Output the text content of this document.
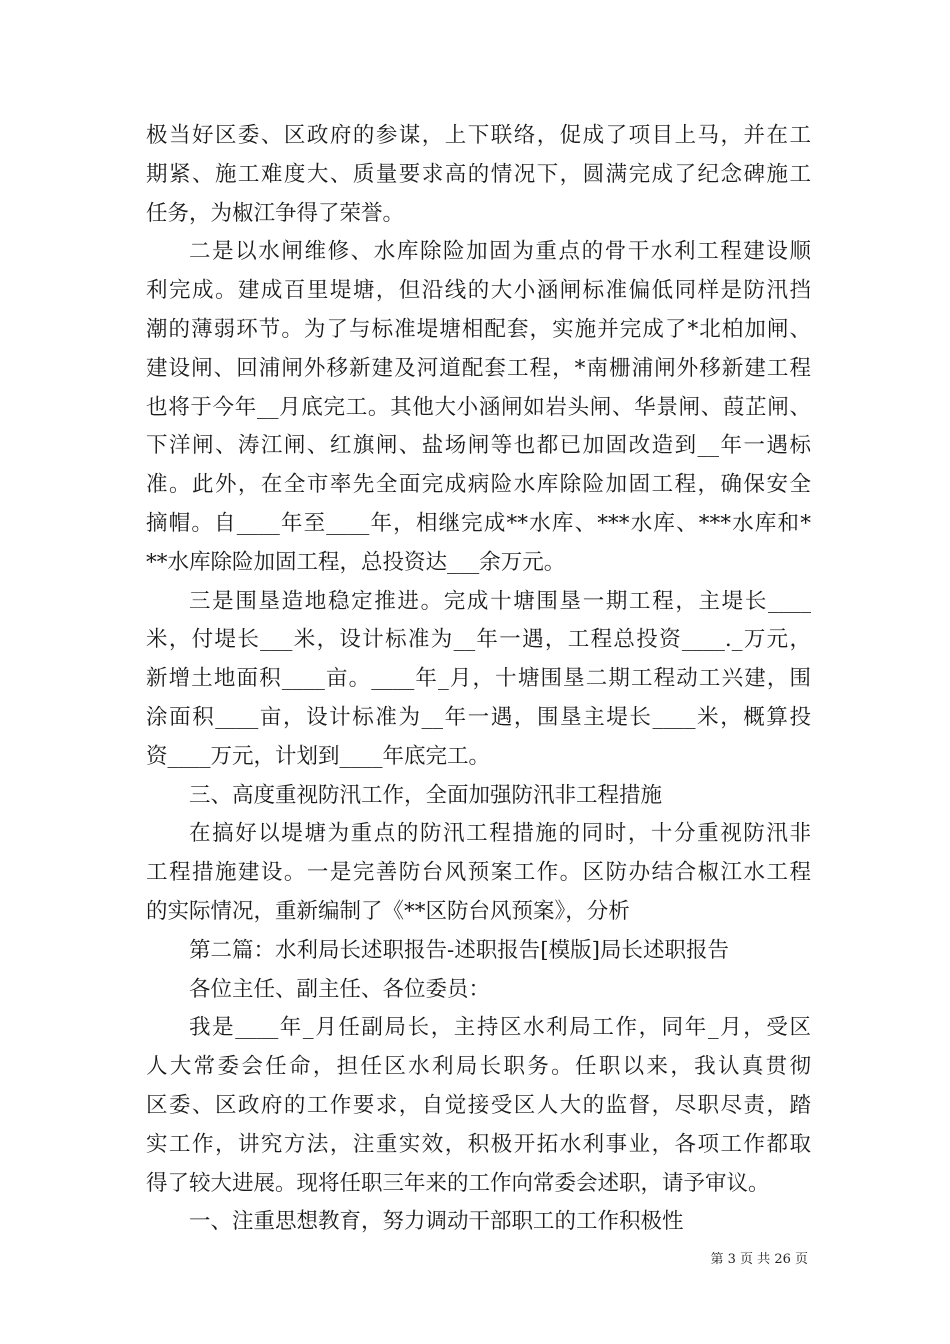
极当好区委、区政府的参谋，上下联络，促成了项目上马，并在工
期紧、施工难度大、质量要求高的情况下，圆满完成了纪念碑施工
任务，为椒江争得了荣誉。
二是以水闸维修、水库除险加固为重点的骨干水利工程建设顺
利完成。建成百里堤塘，但沿线的大小涵闸标准偏低同样是防汛挡
潮的薄弱环节。为了与标准堤塘相配套，实施并完成了*北柏加闸、
建设闸、回浦闸外移新建及河道配套工程，*南栅浦闸外移新建工程
也将于今年__月底完工。其他大小涵闸如岩头闸、华景闸、葭芷闸、
下洋闸、涛江闸、红旗闸、盐场闸等也都已加固改造到__年一遇标
准。此外，在全市率先全面完成病险水库除险加固工程，确保安全
摘帽。自____年至____年，相继完成**水库、***水库、***水库和*
**水库除险加固工程，总投资达___余万元。
三是围垦造地稳定推进。完成十塘围垦一期工程，主堤长____
米，付堤长___米，设计标准为__年一遇，工程总投资____._万元，
新增土地面积____亩。____年_月，十塘围垦二期工程动工兴建，围
涂面积____亩，设计标准为__年一遇，围垦主堤长____米，概算投
资____万元，计划到____年底完工。
三、高度重视防汛工作，全面加强防汛非工程措施
在搞好以堤塘为重点的防汛工程措施的同时，十分重视防汛非
工程措施建设。一是完善防台风预案工作。区防办结合椒江水工程
的实际情况，重新编制了《**区防台风预案》，分析
第二篇：水利局长述职报告-述职报告[模版]局长述职报告
各位主任、副主任、各位委员：
我是____年_月任副局长，主持区水利局工作，同年_月，受区
人大常委会任命，担任区水利局长职务。任职以来，我认真贯彻
区委、区政府的工作要求，自觉接受区人大的监督，尽职尽责，踏
实工作，讲究方法，注重实效，积极开拓水利事业，各项工作都取
得了较大进展。现将任职三年来的工作向常委会述职，请予审议。
一、注重思想教育，努力调动干部职工的工作积极性
第 3 页 共 26 页
